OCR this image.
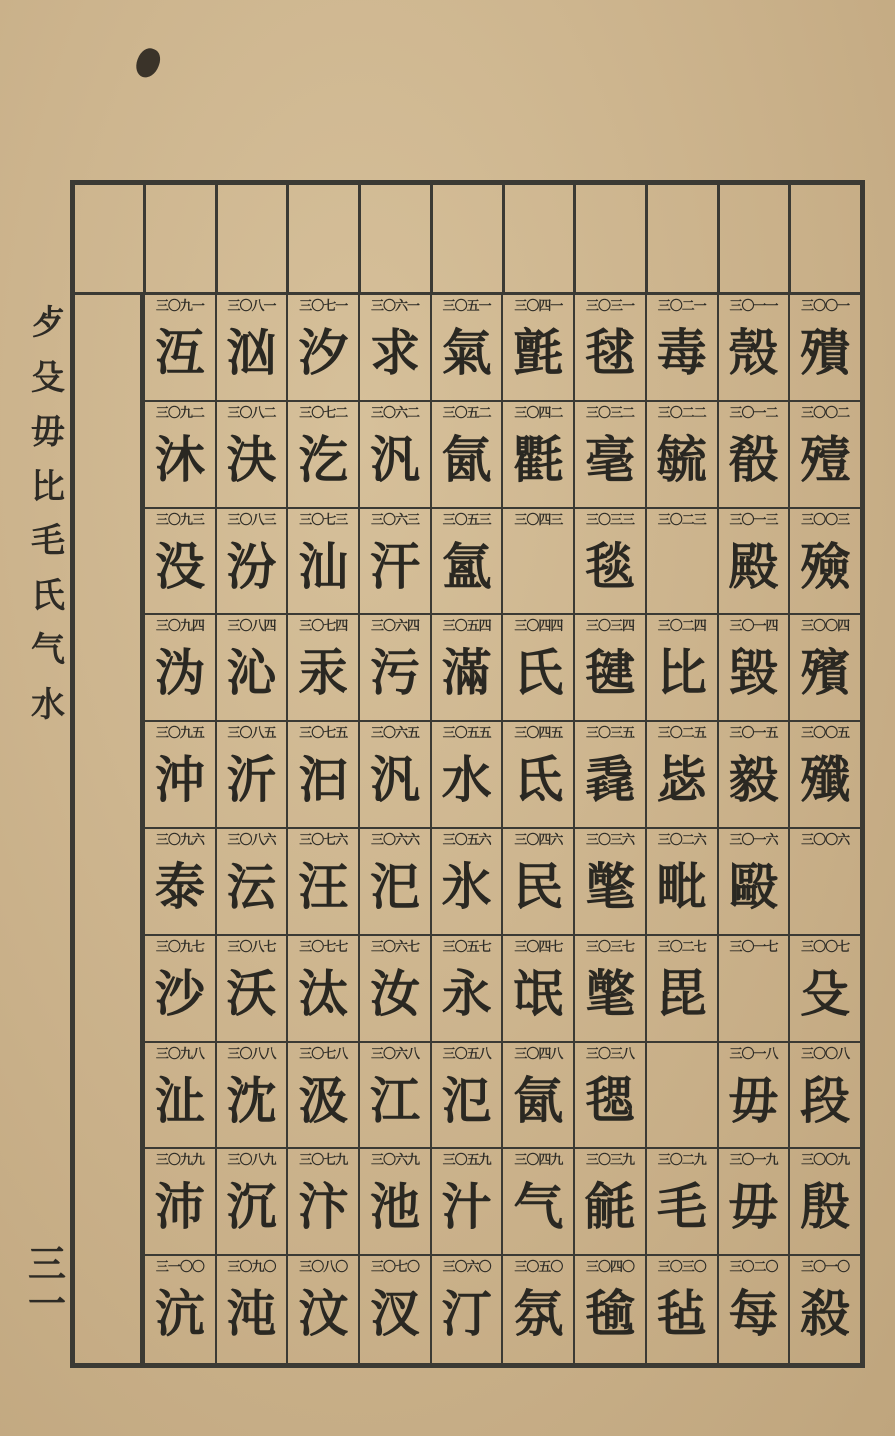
歺
殳
毋
比
毛
氏
气
水
三
一
三〇九一
沍
三〇八一
汹
三〇七一
汐
三〇六一
求
三〇五一
氣
三〇四一
氈
三〇三一
毬
三〇二一
毒
三〇一一
殼
三〇〇一
殨
三〇九二
沐
三〇八二
決
三〇七二
汔
三〇六二
汎
三〇五二
氤
三〇四二
氍
三〇三二
毫
三〇二二
毓
三〇一二
殽
三〇〇二
殪
三〇九三
没
三〇八三
汾
三〇七三
汕
三〇六三
汗
三〇五三
氳
三〇四三 三〇三三
毯
三〇二三 三〇一三
殿
三〇〇三
殮
三〇九四
沩
三〇八四
沁
三〇七四
汞
三〇六四
污
三〇五四
滿
三〇四四
氏
三〇三四
毽
三〇二四
比
三〇一四
毀
三〇〇四
殯
三〇九五
沖
三〇八五
沂
三〇七五
汩
三〇六五
汎
三〇五五
水
三〇四五
氐
三〇三五
毳
三〇二五
毖
三〇一五
毅
三〇〇五
殲
三〇九六
泰
三〇八六
沄
三〇七六
汪
三〇六六
汜
三〇五六
氷
三〇四六
民
三〇三六
氅
三〇二六
毗
三〇一六
毆
三〇〇六
三〇九七
沙
三〇八七
沃
三〇七七
汰
三〇六七
汝
三〇五七
永
三〇四七
氓
三〇三七
氅
三〇二七
毘
三〇一七 三〇〇七
殳
三〇九八
沚
三〇八八
沈
三〇七八
汲
三〇六八
江
三〇五八
氾
三〇四八
氤
三〇三八
毸
三〇一八
毋
三〇〇八
段
三〇九九
沛
三〇八九
沉
三〇七九
汴
三〇六九
池
三〇五九
汁
三〇四九
气
三〇三九
毹
三〇二九
毛
三〇一九
毋
三〇〇九
殷
三一〇〇
沆
三〇九〇
沌
三〇八〇
汶
三〇七〇
汊
三〇六〇
汀
三〇五〇
氛
三〇四〇
毺
三〇三〇
毡
三〇二〇
每
三〇一〇
殺
